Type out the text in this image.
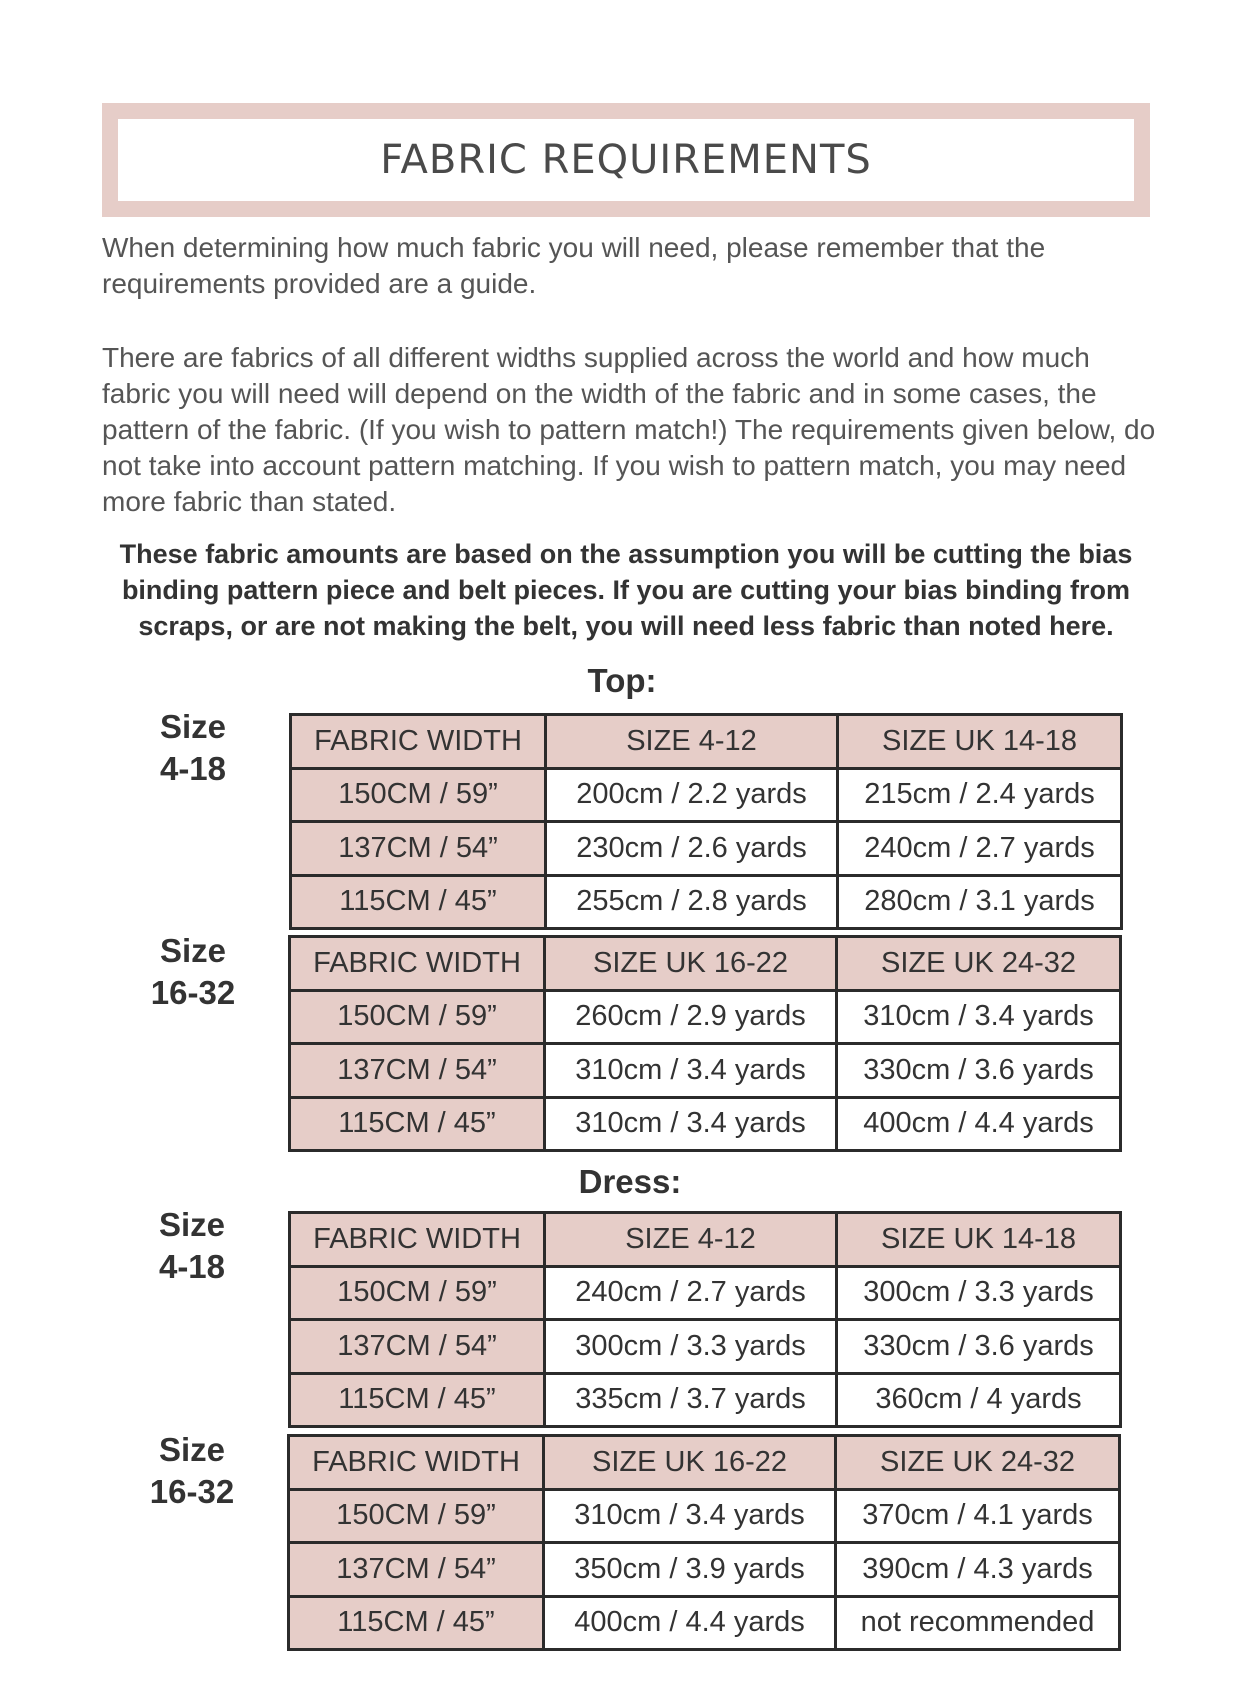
FABRIC REQUIREMENTS

When determining how much fabric you will need, please remember that the requirements provided are a guide.

There are fabrics of all different widths supplied across the world and how much fabric you will need will depend on the width of the fabric and in some cases, the pattern of the fabric. (If you wish to pattern match!) The requirements given below, do not take into account pattern matching. If you wish to pattern match, you may need more fabric than stated.

These fabric amounts are based on the assumption you will be cutting the bias binding pattern piece and belt pieces. If you are cutting your bias binding from scraps, or are not making the belt, you will need less fabric than noted here.

Top:
Size
4-18
FABRIC WIDTH	SIZE 4-12	SIZE UK 14-18
150CM / 59”	200cm / 2.2 yards	215cm / 2.4 yards
137CM / 54”	230cm / 2.6 yards	240cm / 2.7 yards
115CM / 45”	255cm / 2.8 yards	280cm / 3.1 yards
Size
16-32
FABRIC WIDTH	SIZE UK 16-22	SIZE UK 24-32
150CM / 59”	260cm / 2.9 yards	310cm / 3.4 yards
137CM / 54”	310cm / 3.4 yards	330cm / 3.6 yards
115CM / 45”	310cm / 3.4 yards	400cm / 4.4 yards
Dress:
Size
4-18
FABRIC WIDTH	SIZE 4-12	SIZE UK 14-18
150CM / 59”	240cm / 2.7 yards	300cm / 3.3 yards
137CM / 54”	300cm / 3.3 yards	330cm / 3.6 yards
115CM / 45”	335cm / 3.7 yards	360cm / 4 yards
Size
16-32
FABRIC WIDTH	SIZE UK 16-22	SIZE UK 24-32
150CM / 59”	310cm / 3.4 yards	370cm / 4.1 yards
137CM / 54”	350cm / 3.9 yards	390cm / 4.3 yards
115CM / 45”	400cm / 4.4 yards	not recommended
